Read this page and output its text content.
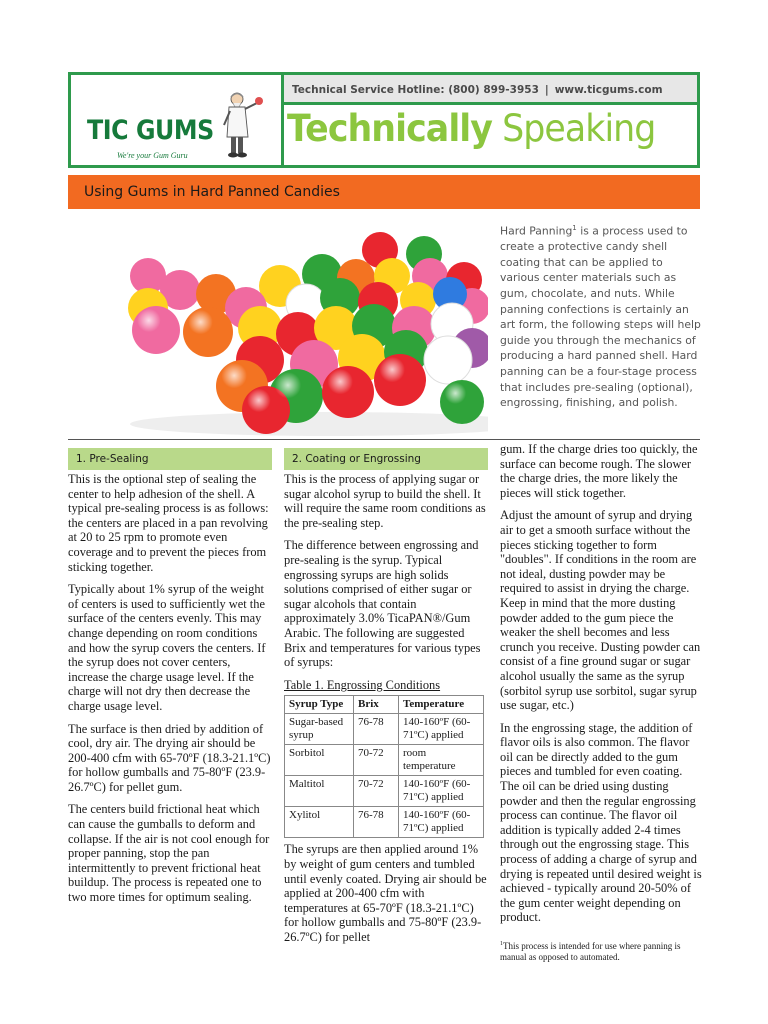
TIC GUMS
We're your Gum Guru
Technical Service Hotline: (800) 899-3953 | www.ticgums.com
Technically Speaking
Using Gums in Hard Panned Candies
Hard Panning$^1$ is a process used to create a protective candy shell coating that can be applied to various center materials such as gum, chocolate, and nuts. While panning confections is certainly an art form, the following steps will help guide you through the mechanics of producing a hard panned shell. Hard panning can be a four-stage process that includes pre-sealing (optional), engrossing, finishing, and polish.
1. Pre-Sealing

This is the optional step of sealing the center to help adhesion of the shell. A typical pre-sealing process is as follows: the centers are placed in a pan revolving at 20 to 25 rpm to promote even coverage and to prevent the pieces from sticking together.

Typically about 1% syrup of the weight of centers is used to sufficiently wet the surface of the centers evenly. This may change depending on room conditions and how the syrup covers the centers. If the syrup does not cover centers, increase the charge usage level. If the charge will not dry then decrease the charge usage level.

The surface is then dried by addition of cool, dry air. The drying air should be 200-400 cfm with 65-70ºF (18.3-21.1ºC) for hollow gumballs and 75-80ºF (23.9-26.7ºC) for pellet gum.

The centers build frictional heat which can cause the gumballs to deform and collapse. If the air is not cool enough for proper panning, stop the pan intermittently to prevent frictional heat buildup. The process is repeated one to two more times for optimum sealing.

2. Coating or Engrossing

This is the process of applying sugar or sugar alcohol syrup to build the shell. It will require the same room conditions as the pre-sealing step.

The difference between engrossing and pre-sealing is the syrup. Typical engrossing syrups are high solids solutions comprised of either sugar or sugar alcohols that contain approximately 3.0% TicaPAN®/Gum Arabic. The following are suggested Brix and temperatures for various types of syrups:

Table 1. Engrossing Conditions
Syrup Type	Brix	Temperature
Sugar-based syrup	76-78	140-160ºF (60-71ºC) applied
Sorbitol	70-72	room temperature
Maltitol	70-72	140-160ºF (60-71ºC) applied
Xylitol	76-78	140-160ºF (60-71ºC) applied

The syrups are then applied around 1% by weight of gum centers and tumbled until evenly coated. Drying air should be applied at 200-400 cfm with temperatures at 65-70ºF (18.3-21.1ºC) for hollow gumballs and 75-80ºF (23.9-26.7ºC) for pellet

gum. If the charge dries too quickly, the surface can become rough. The slower the charge dries, the more likely the pieces will stick together.

Adjust the amount of syrup and drying air to get a smooth surface without the pieces sticking together to form "doubles". If conditions in the room are not ideal, dusting powder may be required to assist in drying the charge. Keep in mind that the more dusting powder added to the gum piece the weaker the shell becomes and less crunch you receive. Dusting powder can consist of a fine ground sugar or sugar alcohol usually the same as the syrup (sorbitol syrup use sorbitol, sugar syrup use sugar, etc.)

In the engrossing stage, the addition of flavor oils is also common. The flavor oil can be directly added to the gum pieces and tumbled for even coating. The oil can be dried using dusting powder and then the regular engrossing process can continue. The flavor oil addition is typically added 2-4 times through out the engrossing stage. This process of adding a charge of syrup and drying is repeated until desired weight is achieved - typically around 20-50% of the gum center weight depending on product.

$^1$This process is intended for use where panning is manual as opposed to automated.
